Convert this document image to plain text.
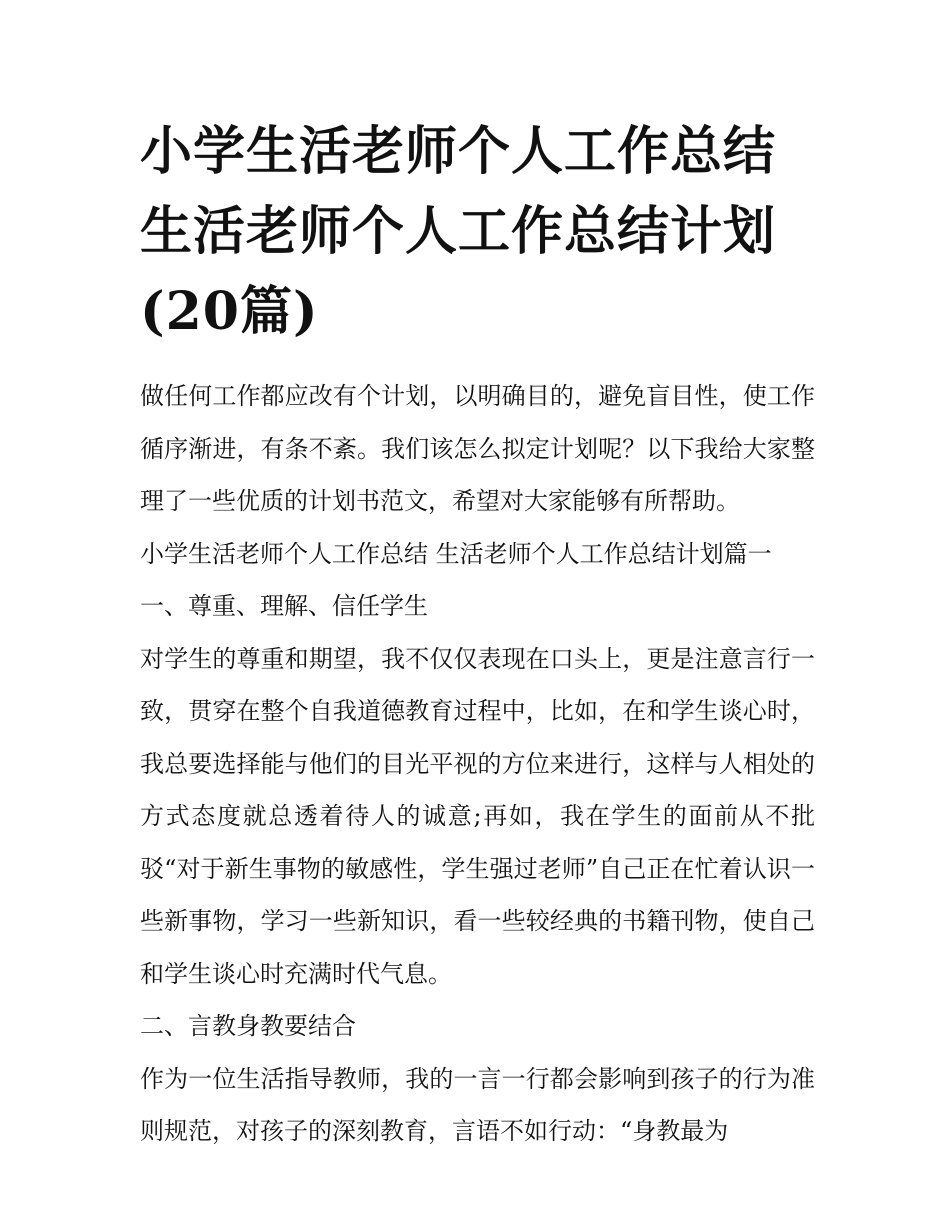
小学生活老师个人工作总结 生活老师个人工作总结计划(20篇)

做任何工作都应改有个计划，以明确目的，避免盲目性，使工作循序渐进，有条不紊。我们该怎么拟定计划呢？以下我给大家整理了一些优质的计划书范文，希望对大家能够有所帮助。

小学生活老师个人工作总结 生活老师个人工作总结计划篇一

一、尊重、理解、信任学生

对学生的尊重和期望，我不仅仅表现在口头上，更是注意言行一致，贯穿在整个自我道德教育过程中，比如，在和学生谈心时，我总要选择能与他们的目光平视的方位来进行，这样与人相处的方式态度就总透着待人的诚意;再如，我在学生的面前从不批驳“对于新生事物的敏感性，学生强过老师”自己正在忙着认识一些新事物，学习一些新知识，看一些较经典的书籍刊物，使自己和学生谈心时充满时代气息。

二、言教身教要结合

作为一位生活指导教师，我的一言一行都会影响到孩子的行为准则规范，对孩子的深刻教育，言语不如行动：“身教最为
